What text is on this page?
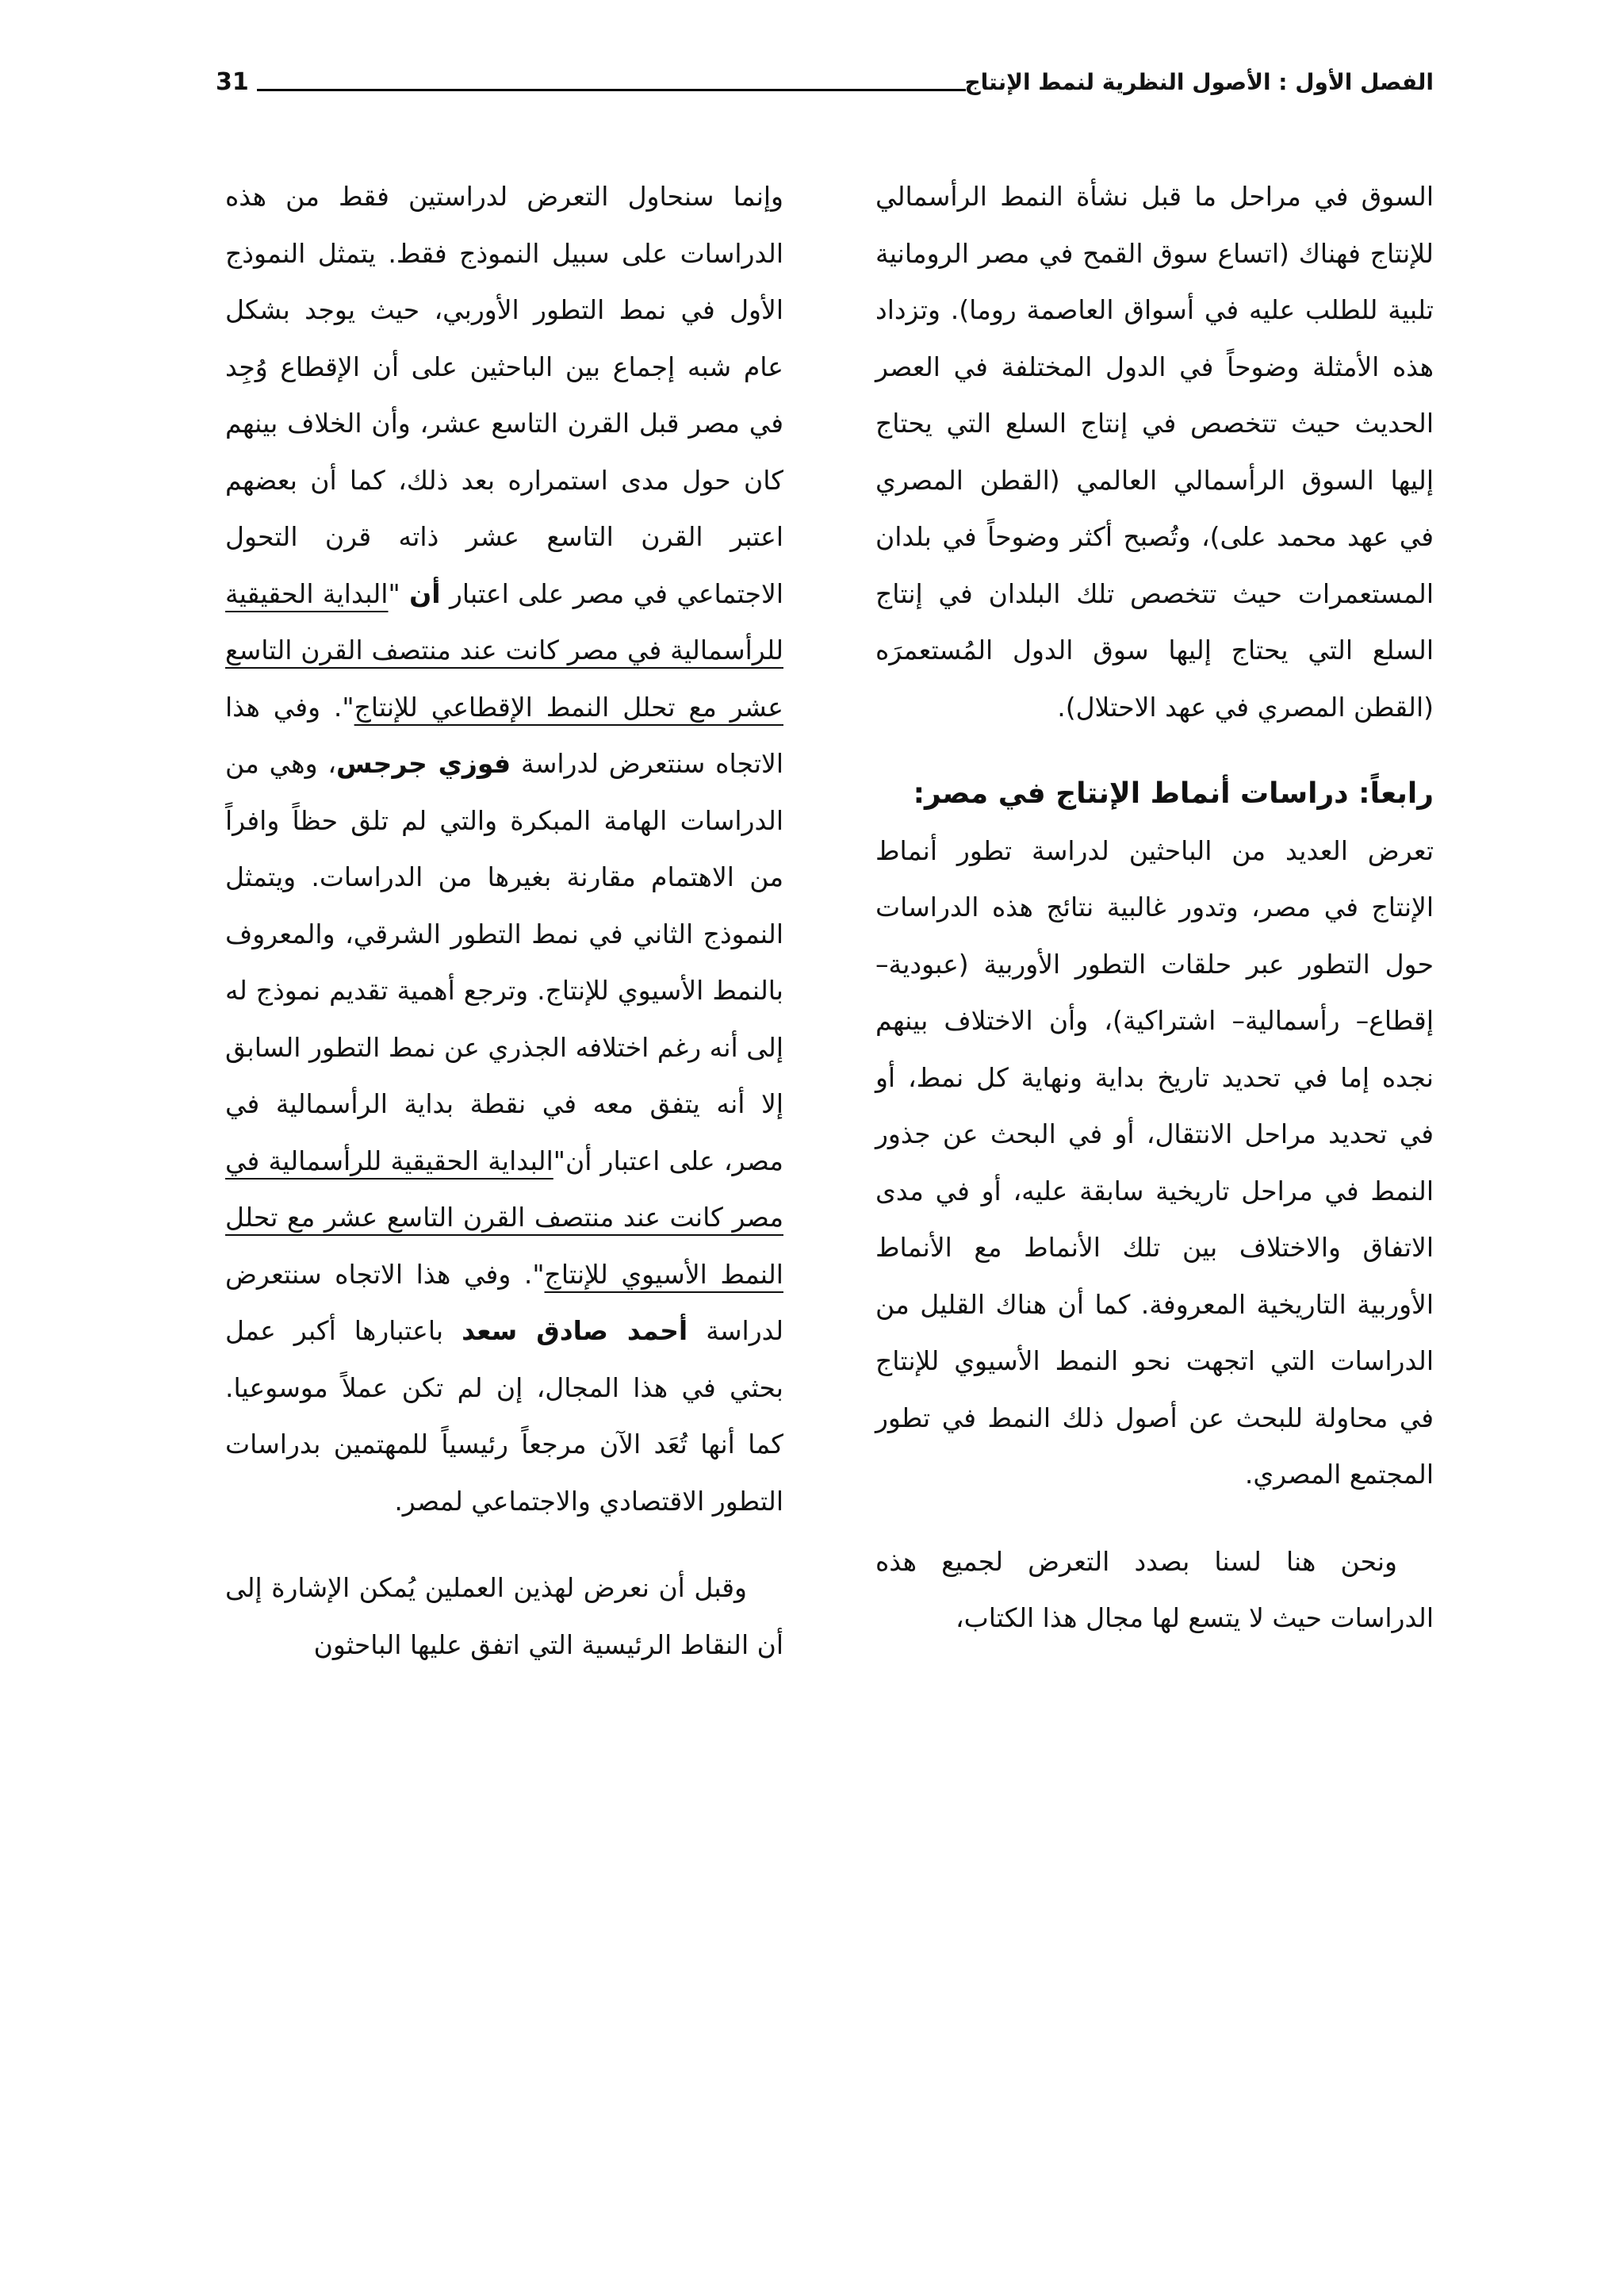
الفصل الأول : الأصول النظرية لنمط الإنتاج
31

السوق في مراحل ما قبل نشأة النمط الرأسمالي للإنتاج فهناك (اتساع سوق القمح في مصر الرومانية تلبية للطلب عليه في أسواق العاصمة روما). وتزداد هذه الأمثلة وضوحاً في الدول المختلفة في العصر الحديث حيث تتخصص في إنتاج السلع التي يحتاج إليها السوق الرأسمالي العالمي (القطن المصري في عهد محمد على)، وتُصبح أكثر وضوحاً في بلدان المستعمرات حيث تتخصص تلك البلدان في إنتاج السلع التي يحتاج إليها سوق الدول المُستعمرَه (القطن المصري في عهد الاحتلال).

رابعاً: دراسات أنماط الإنتاج في مصر:

تعرض العديد من الباحثين لدراسة تطور أنماط الإنتاج في مصر، وتدور غالبية نتائج هذه الدراسات حول التطور عبر حلقات التطور الأوربية (عبودية– إقطاع– رأسمالية– اشتراكية)، وأن الاختلاف بينهم نجده إما في تحديد تاريخ بداية ونهاية كل نمط، أو في تحديد مراحل الانتقال، أو في البحث عن جذور النمط في مراحل تاريخية سابقة عليه، أو في مدى الاتفاق والاختلاف بين تلك الأنماط مع الأنماط الأوربية التاريخية المعروفة. كما أن هناك القليل من الدراسات التي اتجهت نحو النمط الأسيوي للإنتاج في محاولة للبحث عن أصول ذلك النمط في تطور المجتمع المصري.

ونحن هنا لسنا بصدد التعرض لجميع هذه الدراسات حيث لا يتسع لها مجال هذا الكتاب،

وإنما سنحاول التعرض لدراستين فقط من هذه الدراسات على سبيل النموذج فقط. يتمثل النموذج الأول في نمط التطور الأوربي، حيث يوجد بشكل عام شبه إجماع بين الباحثين على أن الإقطاع وُجِد في مصر قبل القرن التاسع عشر، وأن الخلاف بينهم كان حول مدى استمراره بعد ذلك، كما أن بعضهم اعتبر القرن التاسع عشر ذاته قرن التحول الاجتماعي في مصر على اعتبار أن "البداية الحقيقية للرأسمالية في مصر كانت عند منتصف القرن التاسع عشر مع تحلل النمط الإقطاعي للإنتاج". وفي هذا الاتجاه سنتعرض لدراسة فوزي جرجس، وهي من الدراسات الهامة المبكرة والتي لم تلق حظاً وافراً من الاهتمام مقارنة بغيرها من الدراسات. ويتمثل النموذج الثاني في نمط التطور الشرقي، والمعروف بالنمط الأسيوي للإنتاج. وترجع أهمية تقديم نموذج له إلى أنه رغم اختلافه الجذري عن نمط التطور السابق إلا أنه يتفق معه في نقطة بداية الرأسمالية في مصر، على اعتبار أن"البداية الحقيقية للرأسمالية في مصر كانت عند منتصف القرن التاسع عشر مع تحلل النمط الأسيوي للإنتاج". وفي هذا الاتجاه سنتعرض لدراسة أحمد صادق سعد باعتبارها أكبر عمل بحثي في هذا المجال، إن لم تكن عملاً موسوعيا. كما أنها تُعَد الآن مرجعاً رئيسياً للمهتمين بدراسات التطور الاقتصادي والاجتماعي لمصر.

وقبل أن نعرض لهذين العملين يُمكن الإشارة إلى أن النقاط الرئيسية التي اتفق عليها الباحثون
